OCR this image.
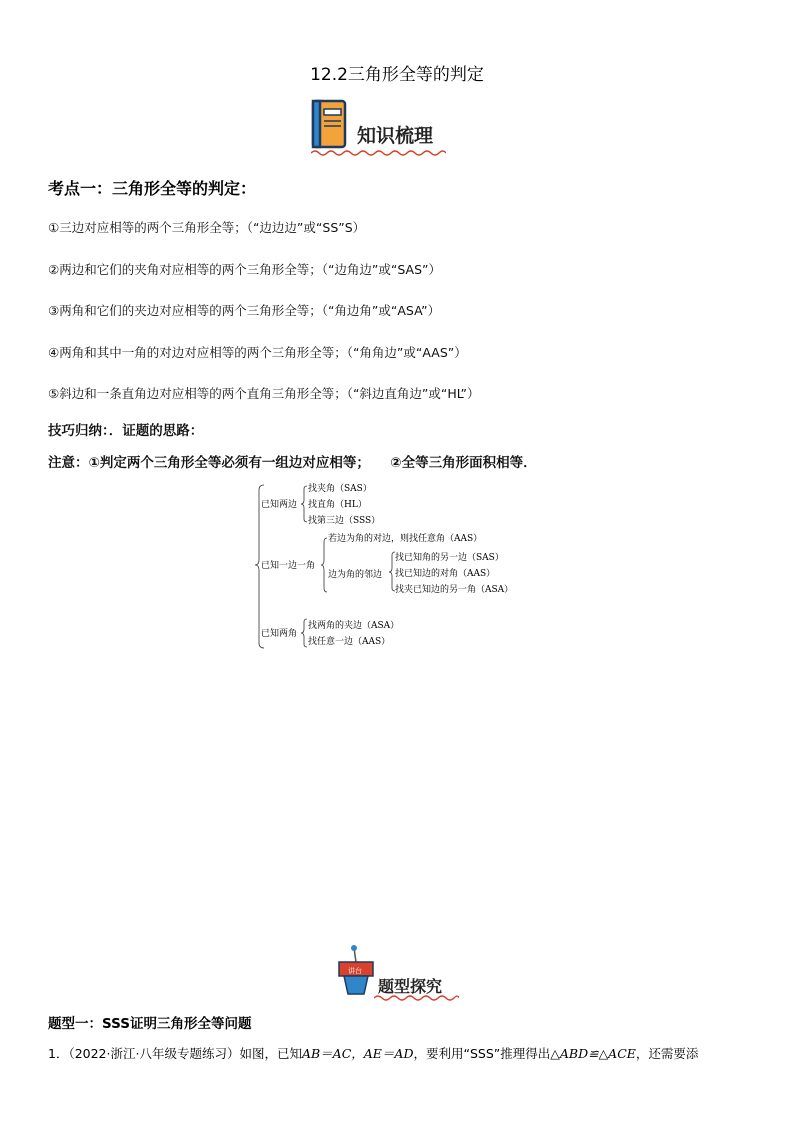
12.2三角形全等的判定
知识梳理
考点一：三角形全等的判定：
①三边对应相等的两个三角形全等；（“边边边”或“SS”S）
②两边和它们的夹角对应相等的两个三角形全等；（“边角边”或“SAS”）
③两角和它们的夹边对应相等的两个三角形全等；（“角边角”或“ASA”）
④两角和其中一角的对边对应相等的两个三角形全等；（“角角边”或“AAS”）
⑤斜边和一条直角边对应相等的两个直角三角形全等；（“斜边直角边”或“HL”）
技巧归纳：．证题的思路：
注意：①判定两个三角形全等必须有一组边对应相等；　　②全等三角形面积相等．
已知两边
找夹角（SAS）
找直角（HL）
找第三边（SSS）
已知一边一角
若边为角的对边，则找任意角（AAS）
边为角的邻边
找已知角的另一边（SAS）
找已知边的对角（AAS）
找夹已知边的另一角（ASA）
已知两角
找两角的夹边（ASA）
找任意一边（AAS）
讲台
题型探究
题型一：SSS证明三角形全等问题
1．（2022·浙江·八年级专题练习）如图，已知AB＝AC，AE＝AD，要利用“SSS”推理得出△ABD≌△ACE，还需要添
